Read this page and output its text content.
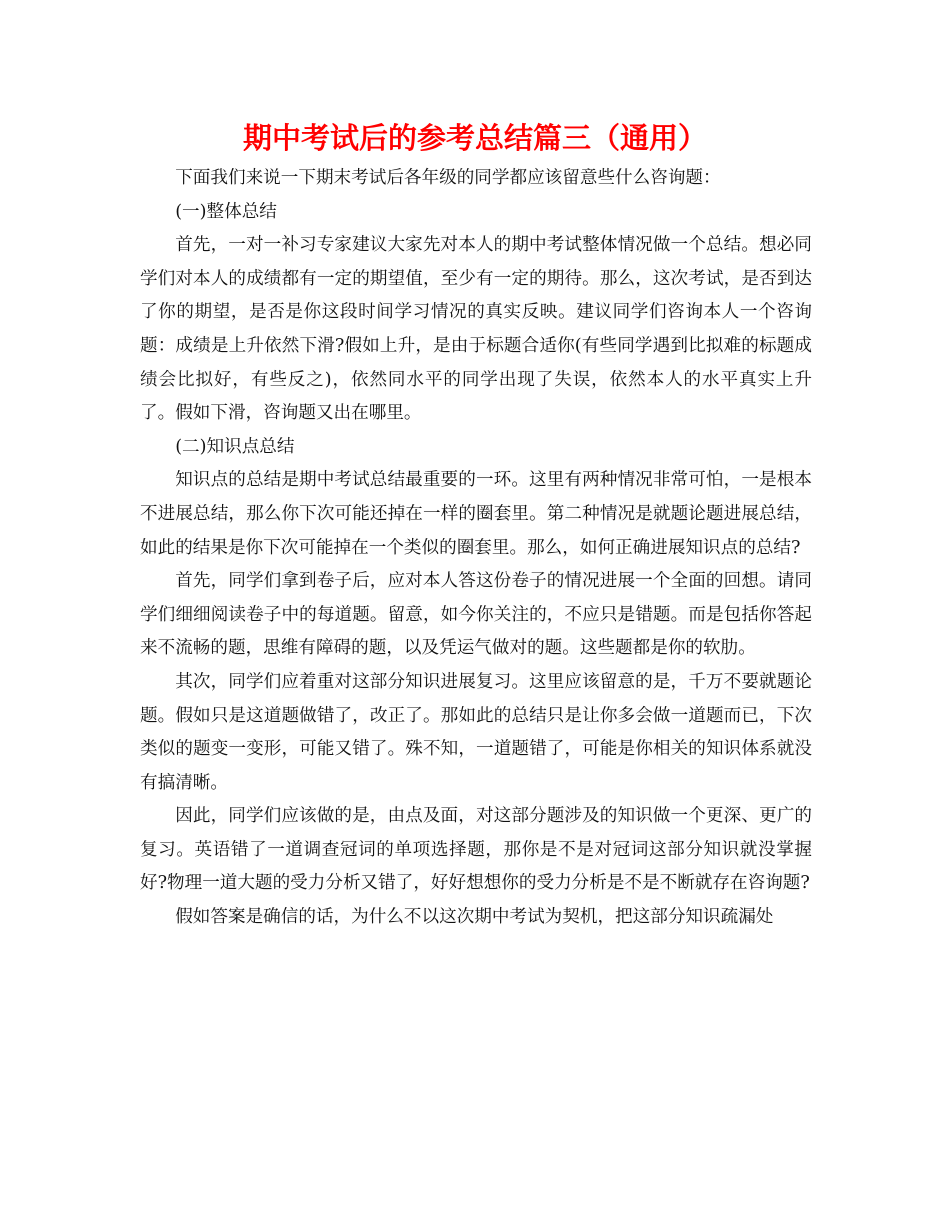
期中考试后的参考总结篇三（通用）

下面我们来说一下期末考试后各年级的同学都应该留意些什么咨询题：

(一)整体总结

首先，一对一补习专家建议大家先对本人的期中考试整体情况做一个总结。想必同学们对本人的成绩都有一定的期望值，至少有一定的期待。那么，这次考试，是否到达了你的期望，是否是你这段时间学习情况的真实反映。建议同学们咨询本人一个咨询题：成绩是上升依然下滑?假如上升，是由于标题合适你(有些同学遇到比拟难的标题成绩会比拟好，有些反之)，依然同水平的同学出现了失误，依然本人的水平真实上升了。假如下滑，咨询题又出在哪里。

(二)知识点总结

知识点的总结是期中考试总结最重要的一环。这里有两种情况非常可怕，一是根本不进展总结，那么你下次可能还掉在一样的圈套里。第二种情况是就题论题进展总结，如此的结果是你下次可能掉在一个类似的圈套里。那么，如何正确进展知识点的总结?

首先，同学们拿到卷子后，应对本人答这份卷子的情况进展一个全面的回想。请同学们细细阅读卷子中的每道题。留意，如今你关注的，不应只是错题。而是包括你答起来不流畅的题，思维有障碍的题，以及凭运气做对的题。这些题都是你的软肋。

其次，同学们应着重对这部分知识进展复习。这里应该留意的是，千万不要就题论题。假如只是这道题做错了，改正了。那如此的总结只是让你多会做一道题而已，下次类似的题变一变形，可能又错了。殊不知，一道题错了，可能是你相关的知识体系就没有搞清晰。

因此，同学们应该做的是，由点及面，对这部分题涉及的知识做一个更深、更广的复习。英语错了一道调查冠词的单项选择题，那你是不是对冠词这部分知识就没掌握好?物理一道大题的受力分析又错了，好好想想你的受力分析是不是不断就存在咨询题?

假如答案是确信的话，为什么不以这次期中考试为契机，把这部分知识疏漏处
